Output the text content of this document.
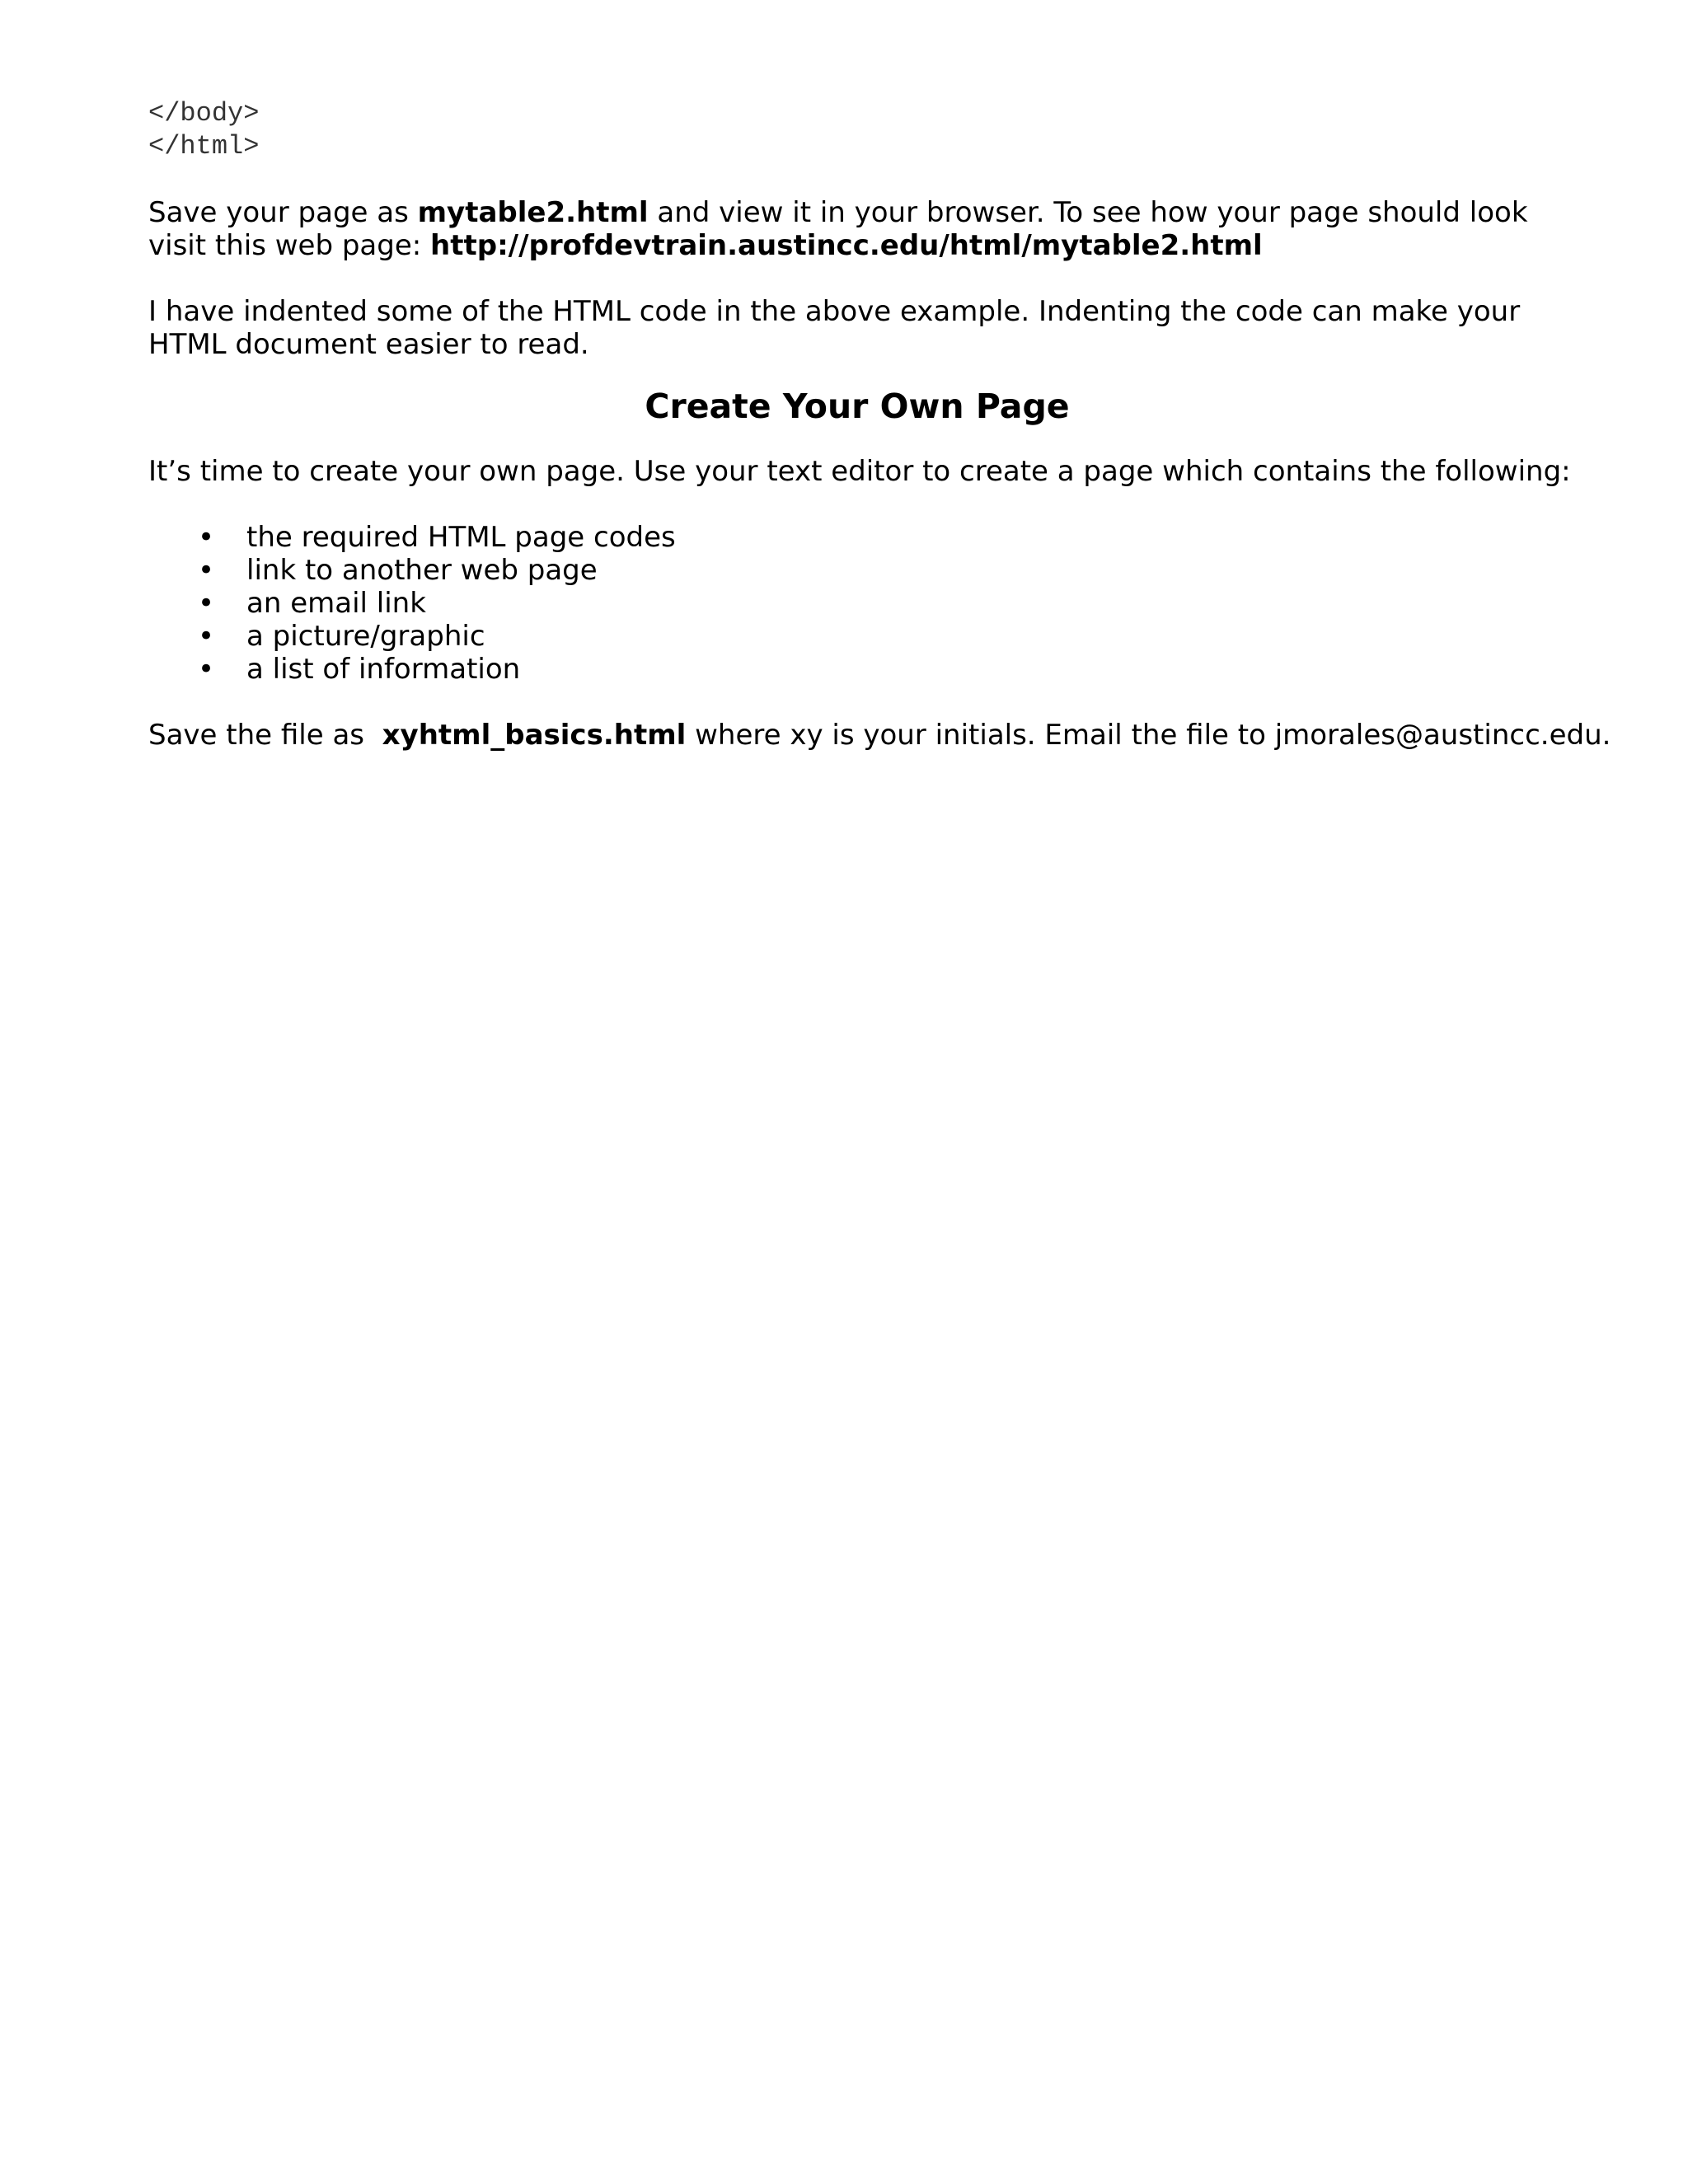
</body>
</html>

Save your page as mytable2.html and view it in your browser. To see how your page should look visit this web page: http://profdevtrain.austincc.edu/html/mytable2.html

I have indented some of the HTML code in the above example. Indenting the code can make your HTML document easier to read.

Create Your Own Page

It’s time to create your own page. Use your text editor to create a page which contains the following:

• the required HTML page codes
• link to another web page
• an email link
• a picture/graphic
• a list of information

Save the file as  xyhtml_basics.html where xy is your initials. Email the file to jmorales@austincc.edu.
